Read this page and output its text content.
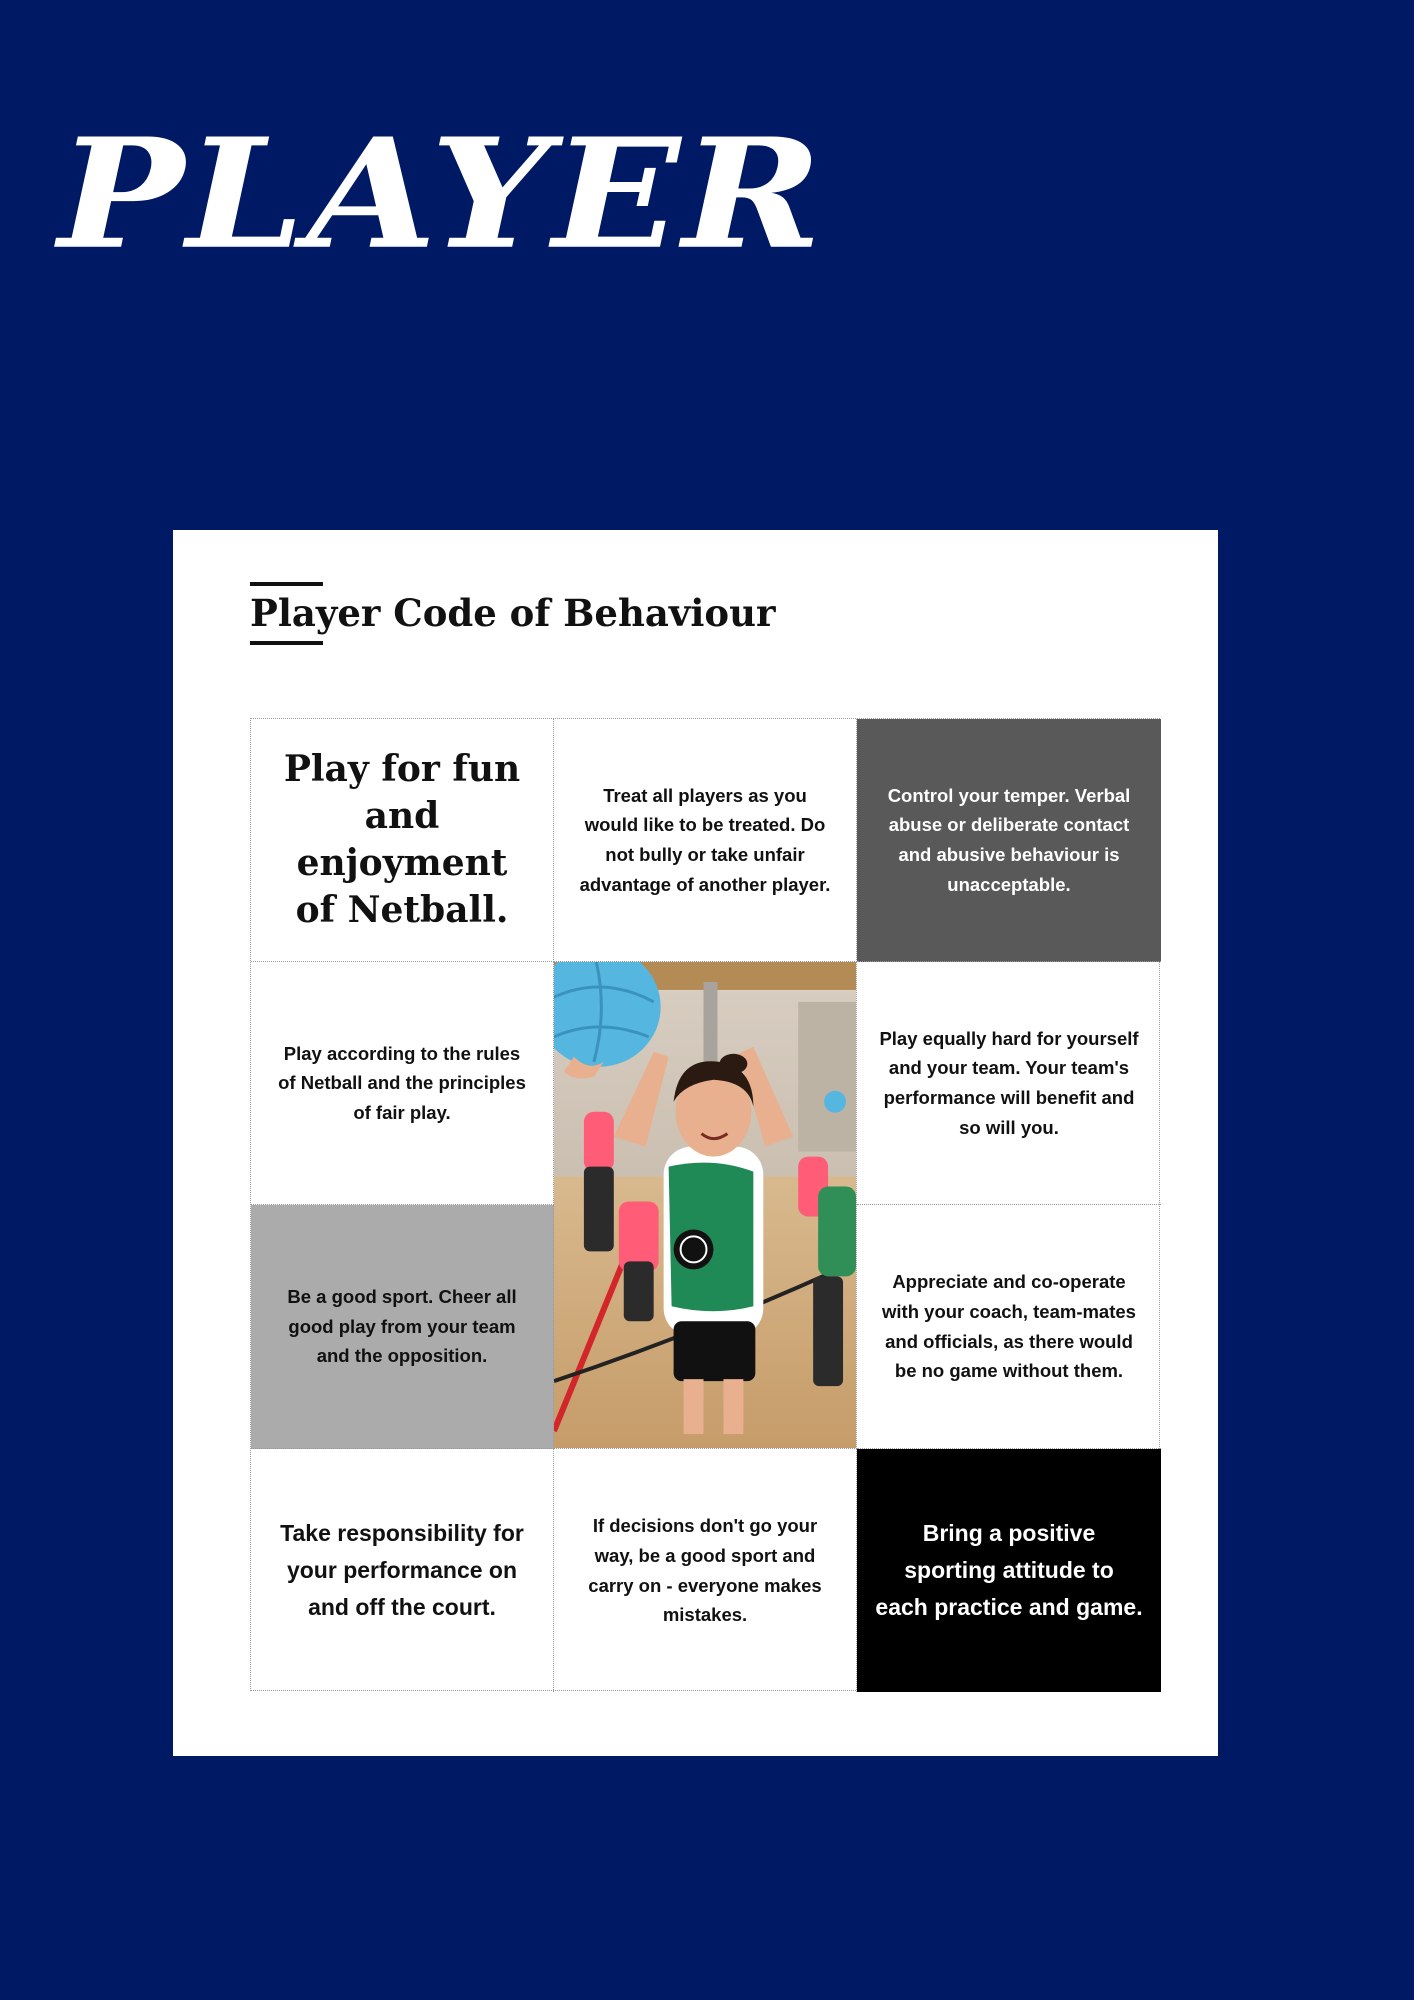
PLAYER
Player Code of Behaviour
Play for fun and enjoyment of Netball.
Treat all players as you would like to be treated. Do not bully or take unfair advantage of another player.
Control your temper. Verbal abuse or deliberate contact and abusive behaviour is unacceptable.
Play according to the rules of Netball and the principles of fair play.
Play equally hard for yourself and your team. Your team's performance will benefit and so will you.
Be a good sport. Cheer all good play from your team and the opposition.
Appreciate and co-operate with your coach, team-mates and officials, as there would be no game without them.
Take responsibility for your performance on and off the court.
If decisions don't go your way, be a good sport and carry on - everyone makes mistakes.
Bring a positive sporting attitude to each practice and game.
